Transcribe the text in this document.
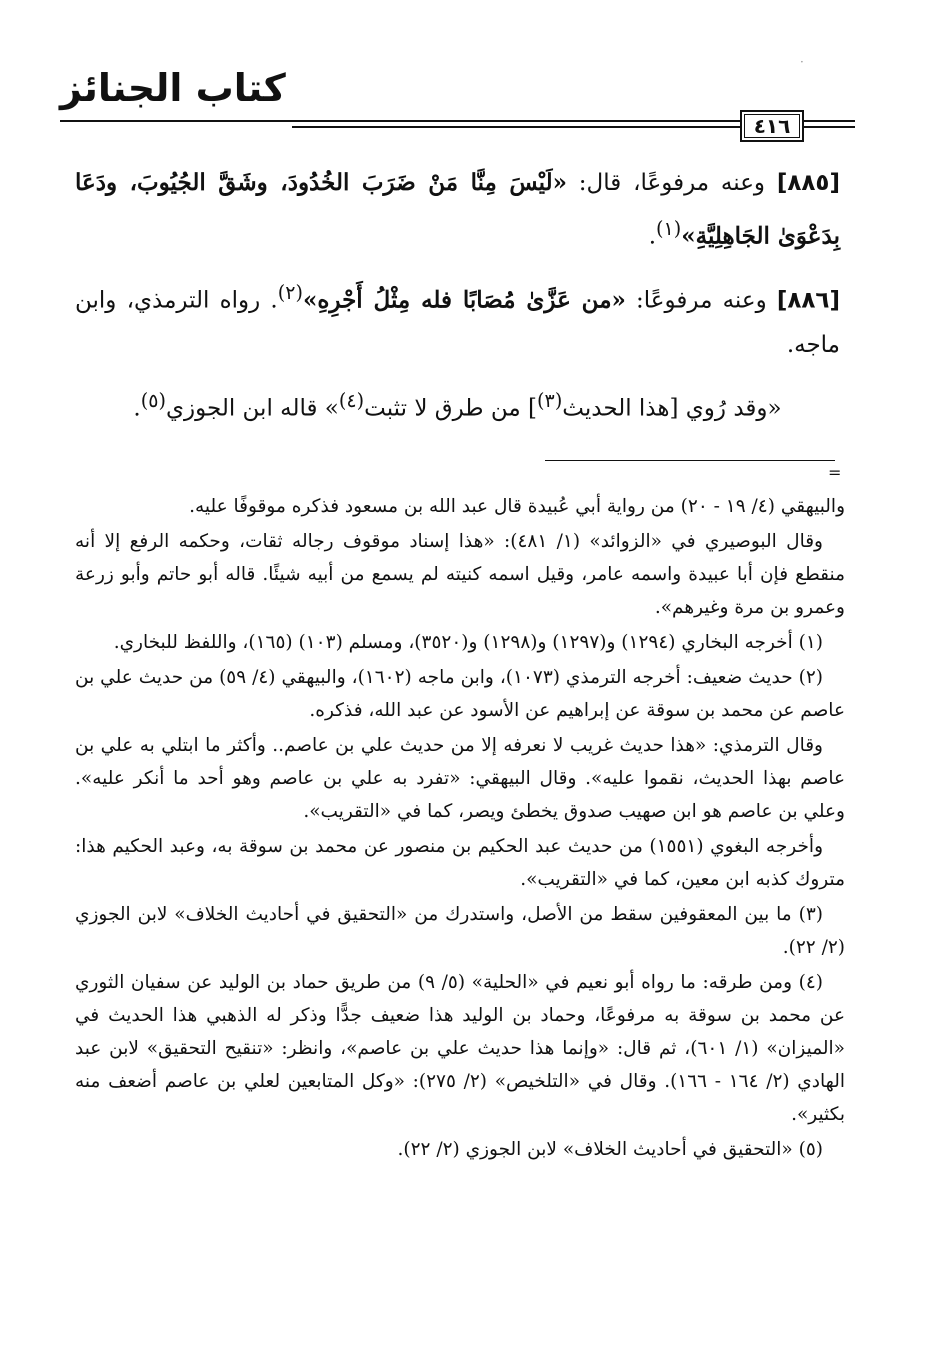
·
كتاب الجنائز
٤١٦

[٨٨٥] وعنه مرفوعًا، قال: «لَيْسَ مِنَّا مَنْ ضَرَبَ الخُدُودَ، وشَقَّ الجُيُوبَ، ودَعَا بِدَعْوَىٰ الجَاهِلِيَّةِ»$^{(١)}$.

[٨٨٦] وعنه مرفوعًا: «من عَزَّىٰ مُصَابًا فله مِثْلُ أَجْرِهِ»$^{(٢)}$. رواه الترمذي، وابن ماجه.

«وقد رُوي [هذا الحديث$^{(٣)}$] من طرق لا تثبت$^{(٤)}$» قاله ابن الجوزي$^{(٥)}$.

=

والبيهقي (٤/ ١٩ - ٢٠) من رواية أبي عُبيدة قال عبد الله بن مسعود فذكره موقوفًا عليه.

وقال البوصيري في «الزوائد» (١/ ٤٨١): «هذا إسناد موقوف رجاله ثقات، وحكمه الرفع إلا أنه منقطع فإن أبا عبيدة واسمه عامر، وقيل اسمه كنيته لم يسمع من أبيه شيئًا. قاله أبو حاتم وأبو زرعة وعمرو بن مرة وغيرهم».

(١) أخرجه البخاري (١٢٩٤) و(١٢٩٧) و(١٢٩٨) و(٣٥٢٠)، ومسلم (١٠٣) (١٦٥)، واللفظ للبخاري.

(٢) حديث ضعيف: أخرجه الترمذي (١٠٧٣)، وابن ماجه (١٦٠٢)، والبيهقي (٤/ ٥٩) من حديث علي بن عاصم عن محمد بن سوقة عن إبراهيم عن الأسود عن عبد الله، فذكره.

وقال الترمذي: «هذا حديث غريب لا نعرفه إلا من حديث علي بن عاصم.. وأكثر ما ابتلي به علي بن عاصم بهذا الحديث، نقموا عليه». وقال البيهقي: «تفرد به علي بن عاصم وهو أحد ما أنكر عليه». وعلي بن عاصم هو ابن صهيب صدوق يخطئ ويصر، كما في «التقريب».

وأخرجه البغوي (١٥٥١) من حديث عبد الحكيم بن منصور عن محمد بن سوقة به، وعبد الحكيم هذا: متروك كذبه ابن معين، كما في «التقريب».

(٣) ما بين المعقوفين سقط من الأصل، واستدرك من «التحقيق في أحاديث الخلاف» لابن الجوزي (٢/ ٢٢).

(٤) ومن طرقه: ما رواه أبو نعيم في «الحلية» (٥/ ٩) من طريق حماد بن الوليد عن سفيان الثوري عن محمد بن سوقة به مرفوعًا، وحماد بن الوليد هذا ضعيف جدًّا وذكر له الذهبي هذا الحديث في «الميزان» (١/ ٦٠١)، ثم قال: «وإنما هذا حديث علي بن عاصم»، وانظر: «تنقيح التحقيق» لابن عبد الهادي (٢/ ١٦٤ - ١٦٦). وقال في «التلخيص» (٢/ ٢٧٥): «وكل المتابعين لعلي بن عاصم أضعف منه بكثير».

(٥) «التحقيق في أحاديث الخلاف» لابن الجوزي (٢/ ٢٢).
